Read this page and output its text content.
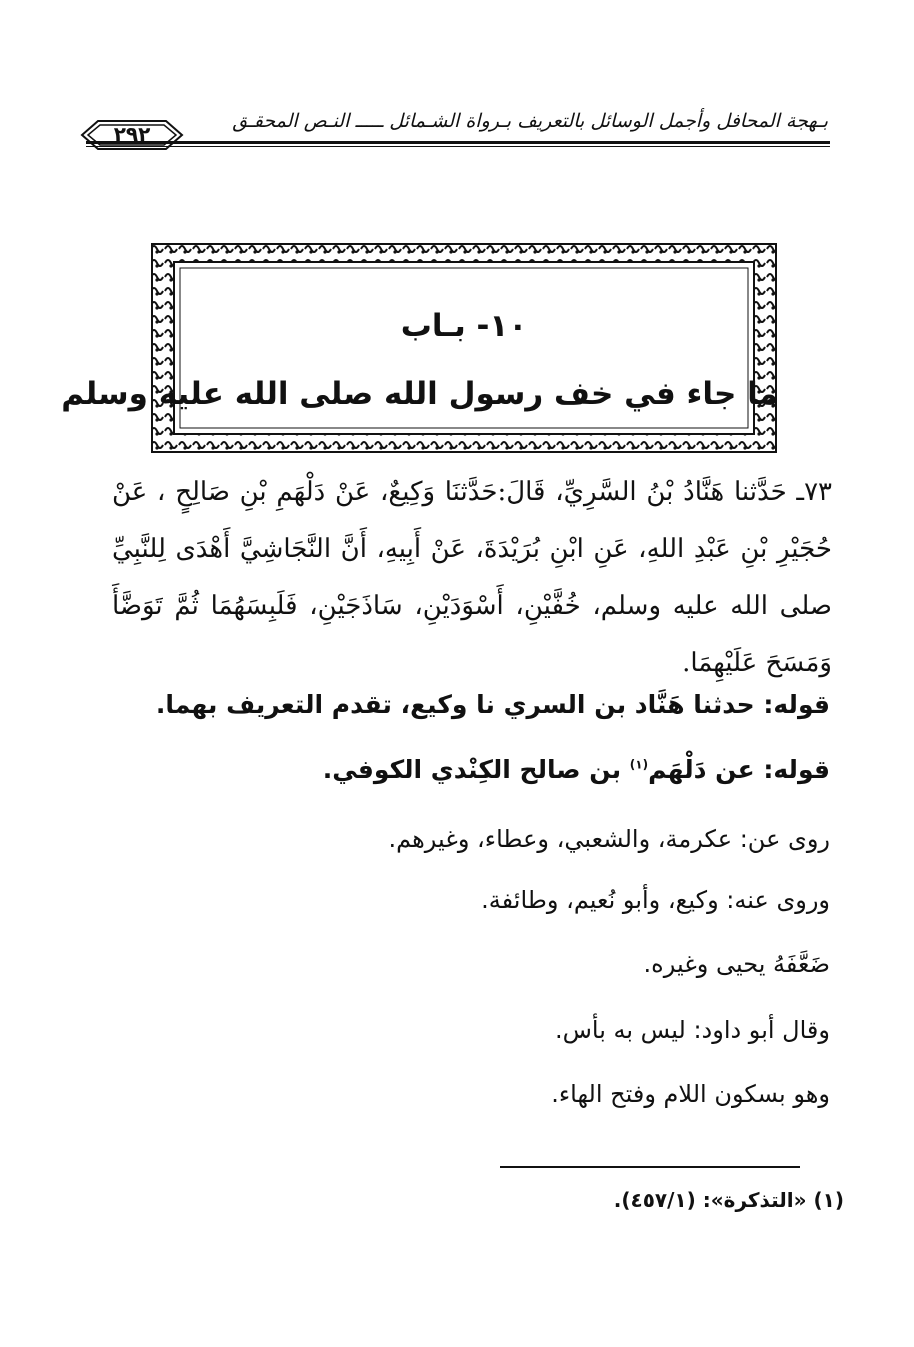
بـهجة المحافل وأجمل الوسائل بالتعريف بـرواة الشـمائل ـــــ النـص المحقـق
٢٩٢
١٠- بـاب
ما جاء في خف رسول الله صلى الله عليه وسلم
٧٣ـ حَدَّثنا هَنَّادُ بْنُ السَّرِيِّ، قَالَ:حَدَّثنَا وَكِيعٌ، عَنْ دَلْهَمِ بْنِ صَالِحٍ ، عَنْ حُجَيْرِ بْنِ عَبْدِ اللهِ، عَنِ ابْنِ بُرَيْدَةَ، عَنْ أَبِيهِ، أَنَّ النَّجَاشِيَّ أَهْدَى لِلنَّبِيِّ صلى الله عليه وسلم، خُفَّيْنِ، أَسْوَدَيْنِ، سَاذَجَيْنِ، فَلَبِسَهُمَا ثُمَّ تَوَضَّأَ وَمَسَحَ عَلَيْهِمَا.
قوله: حدثنا هَنَّاد بن السري نا وكيع، تقدم التعريف بهما.
قوله: عن دَلْهَم$^{(١)}$ بن صالح الكِنْدي الكوفي.
روى عن: عكرمة، والشعبي، وعطاء، وغيرهم.
وروى عنه: وكيع، وأبو نُعيم، وطائفة.
ضَعَّفَهُ يحيى وغيره.
وقال أبو داود: ليس به بأس.
وهو بسكون اللام وفتح الهاء.
(١) «التذكرة»: (٤٥٧/١).
